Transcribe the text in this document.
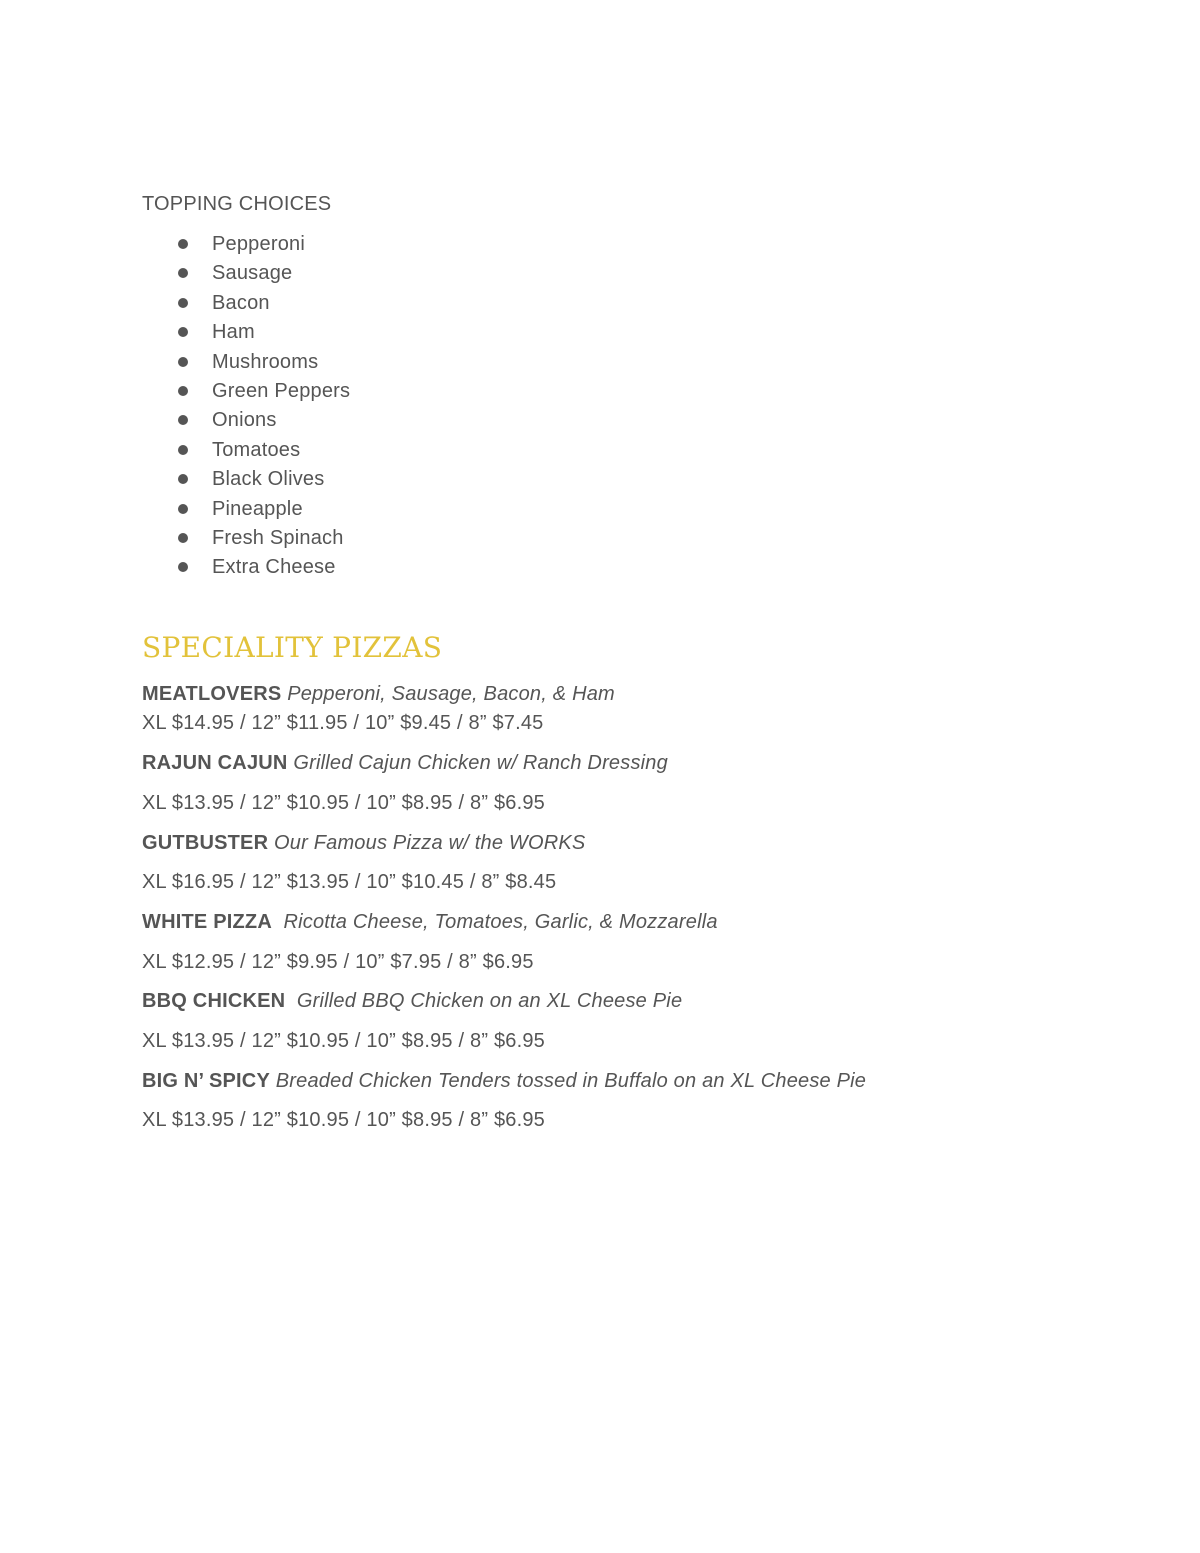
TOPPING CHOICES
Pepperoni
Sausage
Bacon
Ham
Mushrooms
Green Peppers
Onions
Tomatoes
Black Olives
Pineapple
Fresh Spinach
Extra Cheese
SPECIALITY PIZZAS
MEATLOVERS Pepperoni, Sausage, Bacon, & Ham
XL $14.95 / 12” $11.95 / 10” $9.45 / 8” $7.45
RAJUN CAJUN Grilled Cajun Chicken w/ Ranch Dressing
XL $13.95 / 12” $10.95 / 10” $8.95 / 8” $6.95
GUTBUSTER Our Famous Pizza w/ the WORKS
XL $16.95 / 12” $13.95 / 10” $10.45 / 8” $8.45
WHITE PIZZA Ricotta Cheese, Tomatoes, Garlic, & Mozzarella
XL $12.95 / 12” $9.95 / 10” $7.95 / 8” $6.95
BBQ CHICKEN Grilled BBQ Chicken on an XL Cheese Pie
XL $13.95 / 12” $10.95 / 10” $8.95 / 8” $6.95
BIG N’ SPICY Breaded Chicken Tenders tossed in Buffalo on an XL Cheese Pie
XL $13.95 / 12” $10.95 / 10” $8.95 / 8” $6.95
